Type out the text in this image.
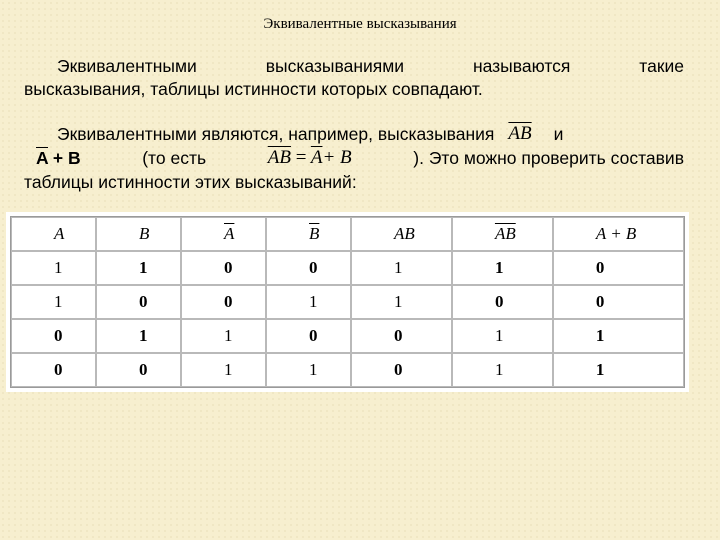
Эквивалентные высказывания
Эквивалентными	высказываниями	называются	такие
высказывания, таблицы истинности которых совпадают.
Эквивалентными являются, например, высказывания $\overline{AB}$ и
$\overline{A} + B$	(то есть	$\overline{AB} = \overline{A}+ B$	). Это можно проверить составив
таблицы истинности этих высказываний:
A	B	$\overline{A}$	$\overline{B}$	AB	$\overline{AB}$	A + B
1	1	0	0	1	1	0
1	0	0	1	1	0	0
0	1	1	0	0	1	1
0	0	1	1	0	1	1
